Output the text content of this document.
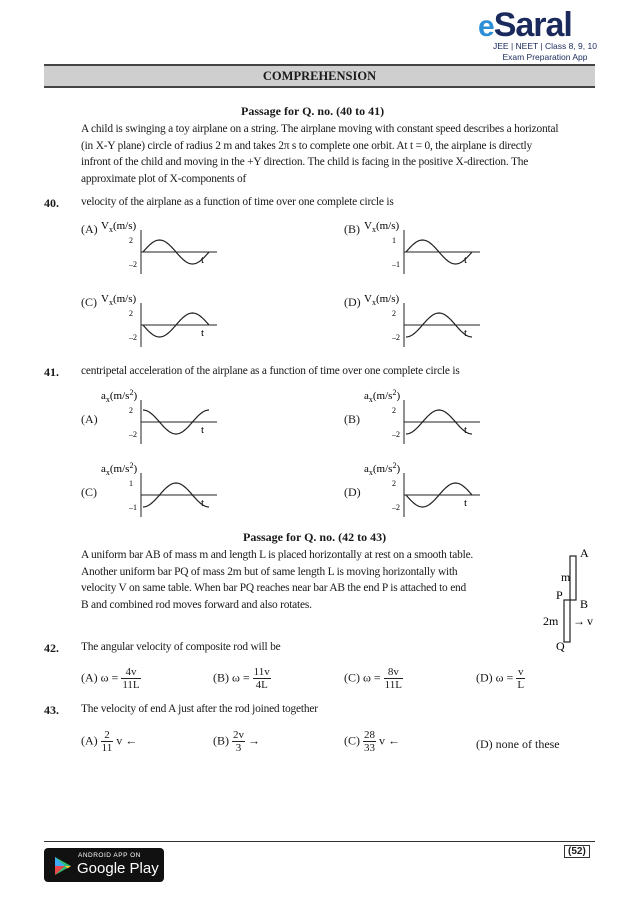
eSaral
JEE | NEET | Class 8, 9, 10
Exam Preparation App
COMPREHENSION
Passage for Q. no. (40 to 41)
A child is swinging a toy airplane on a string. The airplane moving with constant speed describes a horizontal
(in X-Y plane) circle of radius 2 m and takes 2π s to complete one orbit. At t = 0, the airplane is directly
infront of the child and moving in the +Y direction. The child is facing in the positive X-direction. The
approximate plot of X-components of
40. velocity of the airplane as a function of time over one complete circle is
(A) $V_x(m/s)$
2
–2	t
(B) $V_x(m/s)$
1
–1	t
(C) $V_x(m/s)$
2
–2	t
(D) $V_x(m/s)$
2
–2	t
41. centripetal acceleration of the airplane as a function of time over one complete circle is
(A)
$a_x(m/s^2)$
2
–2	t
(B)
$a_x(m/s^2)$
2
–2	t
(C)
$a_x(m/s^2)$
1
–1	t
(D)
$a_x(m/s^2)$
2
–2	t
Passage for Q. no. (42 to 43)
A uniform bar AB of mass m and length L is placed horizontally at rest on a smooth table.
Another uniform bar PQ of mass 2m but of same length L is moving horizontally with
velocity V on same table. When bar PQ reaches near bar AB the end P is attached to end
B and combined rod moves forward and also rotates.
A
m
P
B
2m → v
Q
42. The angular velocity of composite rod will be
(A) $\omega = \frac{4v}{11L}$	(B) $\omega = \frac{11v}{4L}$	(C) $\omega = \frac{8v}{11L}$	(D) $\omega = \frac{v}{L}$
43. The velocity of end A just after the rod joined together
$(A) \frac{2}{11}$ v ←	$(B) \frac{2v}{3}$ →	$(C) \frac{28}{33}$ v ←	(D) none of these
ANDROID APP ON
Google Play
(52)
